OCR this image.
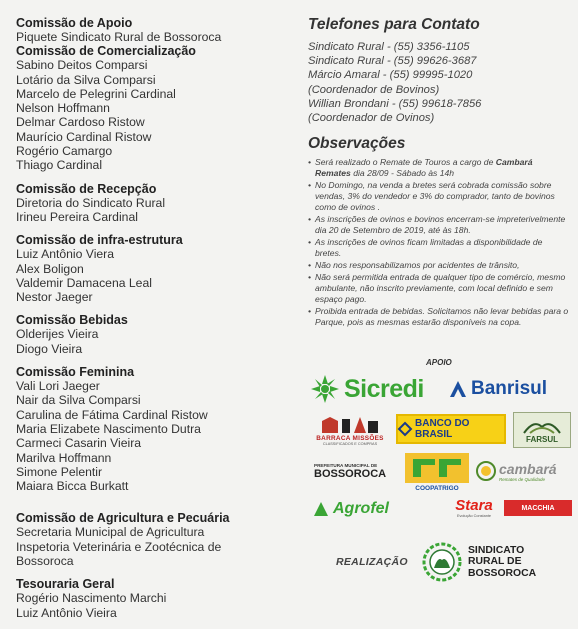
Comissão de Apoio
Piquete Sindicato Rural de Bossoroca
Comissão de Comercialização
Sabino Deitos Comparsi
Lotário da Silva Comparsi
Marcelo de Pelegrini Cardinal
Nelson Hoffmann
Delmar Cardoso Ristow
Maurício Cardinal Ristow
Rogério Camargo
Thiago Cardinal
Comissão de Recepção
Diretoria do Sindicato Rural
Irineu Pereira Cardinal
Comissão de infra-estrutura
Luiz Antônio Viera
Alex Boligon
Valdemir Damacena Leal
Nestor Jaeger
Comissão Bebidas
Olderijes Vieira
Diogo Vieira
Comissão Feminina
Vali Lori Jaeger
Nair da Silva Comparsi
Carulina de Fátima Cardinal Ristow
Maria Elizabete Nascimento Dutra
Carmeci Casarin Vieira
Marilva Hoffmann
Simone Pelentir
Maiara Bicca Burkatt
Comissão de Agricultura e Pecuária
Secretaria Municipal de Agricultura
Inspetoria Veterinária e Zootécnica de
Bossoroca
Tesouraria Geral
Rogério Nascimento Marchi
Luiz Antônio Vieira
Telefones para Contato
Sindicato Rural - (55) 3356-1105
Sindicato Rural - (55) 99626-3687
Márcio Amaral - (55) 99995-1020
(Coordenador de Bovinos)
Willian Brondani - (55) 99618-7856
(Coordenador de Ovinos)
Observações
• Será realizado o Remate de Touros a cargo de Cambará Remates dia 28/09 - Sábado às 14h
• No Domingo, na venda a bretes será cobrada comissão sobre vendas, 3% do vendedor e 3% do comprador, tanto de bovinos como de ovinos .
• As inscrições de ovinos e bovinos encerram-se impreterivelmente dia 20 de Setembro de 2019, até às 18h.
• As inscrições de ovinos ficam limitadas a disponibilidade de bretes.
• Não nos responsabilizamos por acidentes de trânsito,
• Não será permitida entrada de qualquer tipo de comércio, mesmo ambulante, não inscrito previamente, com local definido e sem espaço pago.
• Proibida entrada de bebidas. Solicitamos não levar bebidas para o Parque, pois as mesmas estarão disponíveis na copa.
APOIO
Sicredi Banrisul
BARRACA MISSÕES
CLASSIFICADOS E COMPRAS
BANCO DO BRASIL	FARSUL
PREFEITURA MUNICIPAL DE
BOSSOROCA
COOPATRIGO
cambará
Remates de Qualidade
Agrofel	Stara
Evolução Constante
MACCHIA
REALIZAÇÃO
SINDICATO
RURAL DE
BOSSOROCA
